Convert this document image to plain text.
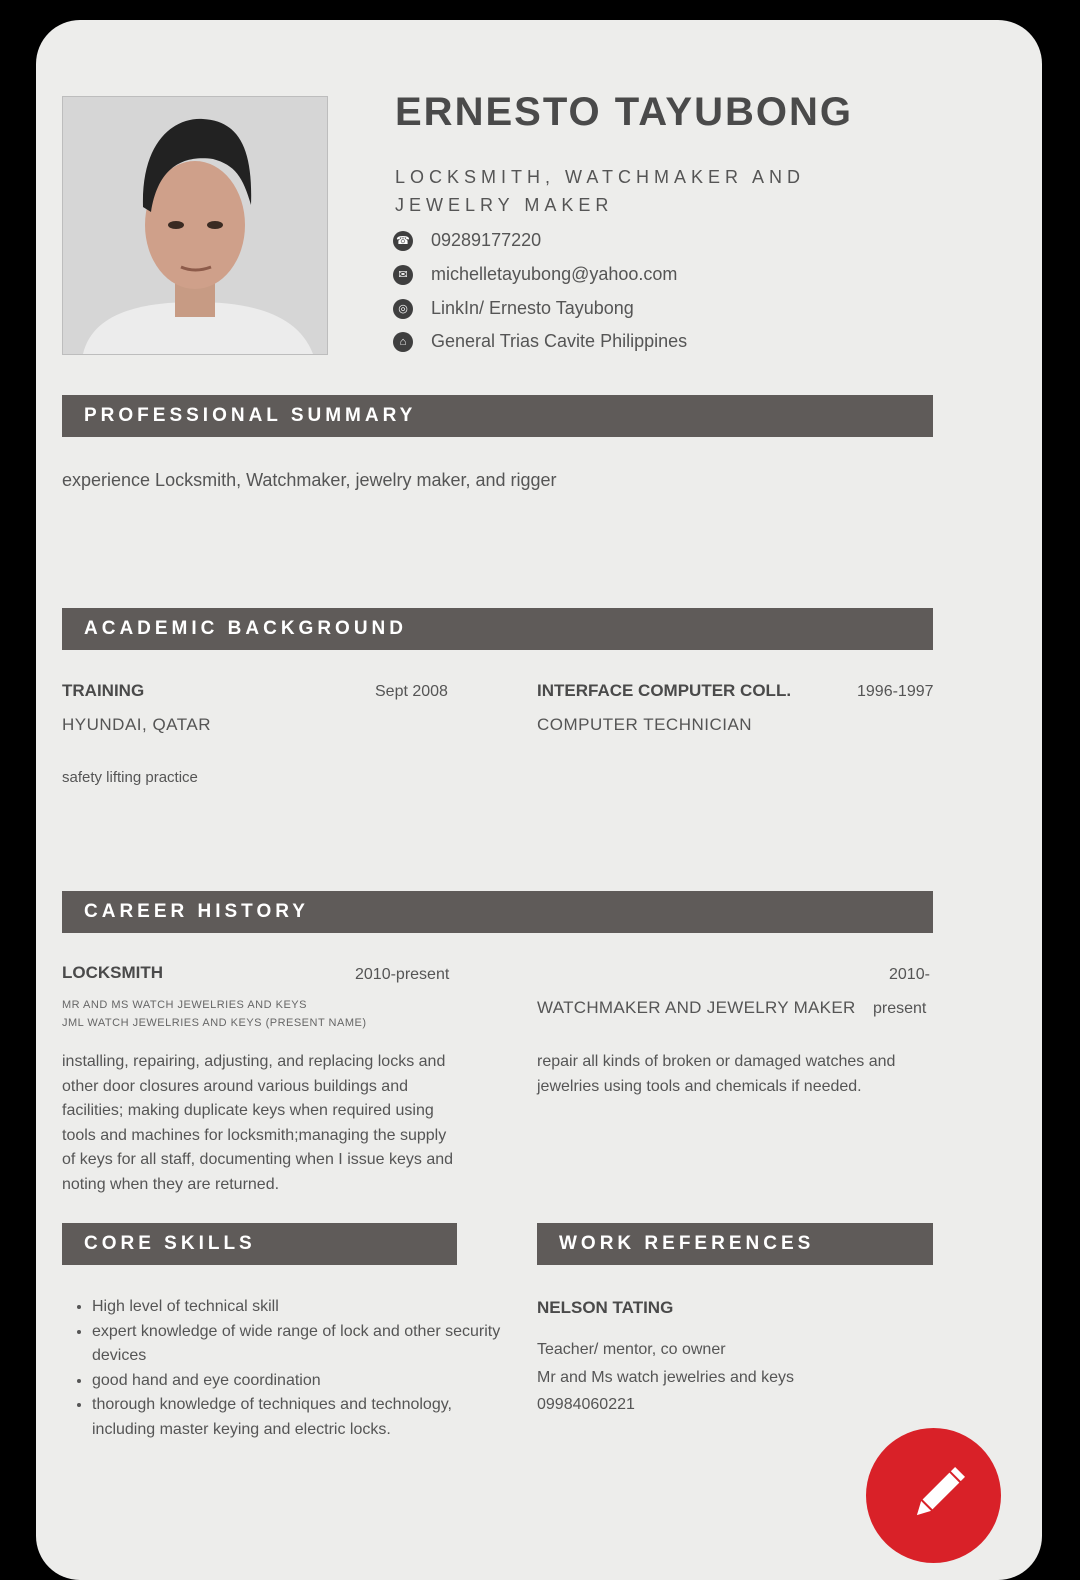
ERNESTO TAYUBONG
LOCKSMITH, WATCHMAKER AND JEWELRY MAKER
☎ 09289177220
✉ michelletayubong@yahoo.com
◎ LinkIn/ Ernesto Tayubong
⌂	General Trias Cavite Philippines
PROFESSIONAL SUMMARY
experience Locksmith, Watchmaker, jewelry maker, and rigger
ACADEMIC BACKGROUND
TRAINING	Sept 2008
HYUNDAI, QATAR
safety lifting practice
INTERFACE COMPUTER COLL.	1996-1997
COMPUTER TECHNICIAN
CAREER HISTORY
LOCKSMITH	2010-present
MR AND MS WATCH JEWELRIES AND KEYS
JML WATCH JEWELRIES AND KEYS (PRESENT NAME)
installing, repairing, adjusting, and replacing locks and other door closures around various buildings and facilities; making duplicate keys when required using tools and machines for locksmith;managing the supply of keys for all staff, documenting when I issue keys and noting when they are returned.
2010-
WATCHMAKER AND JEWELRY MAKER present
repair all kinds of broken or damaged watches and jewelries using tools and chemicals if needed.
CORE SKILLS
• High level of technical skill
• expert knowledge of wide range of lock and other security devices
• good hand and eye coordination
• thorough knowledge of techniques and technology, including master keying and electric locks.
WORK REFERENCES
NELSON TATING
Teacher/ mentor, co owner
Mr and Ms watch jewelries and keys
09984060221
